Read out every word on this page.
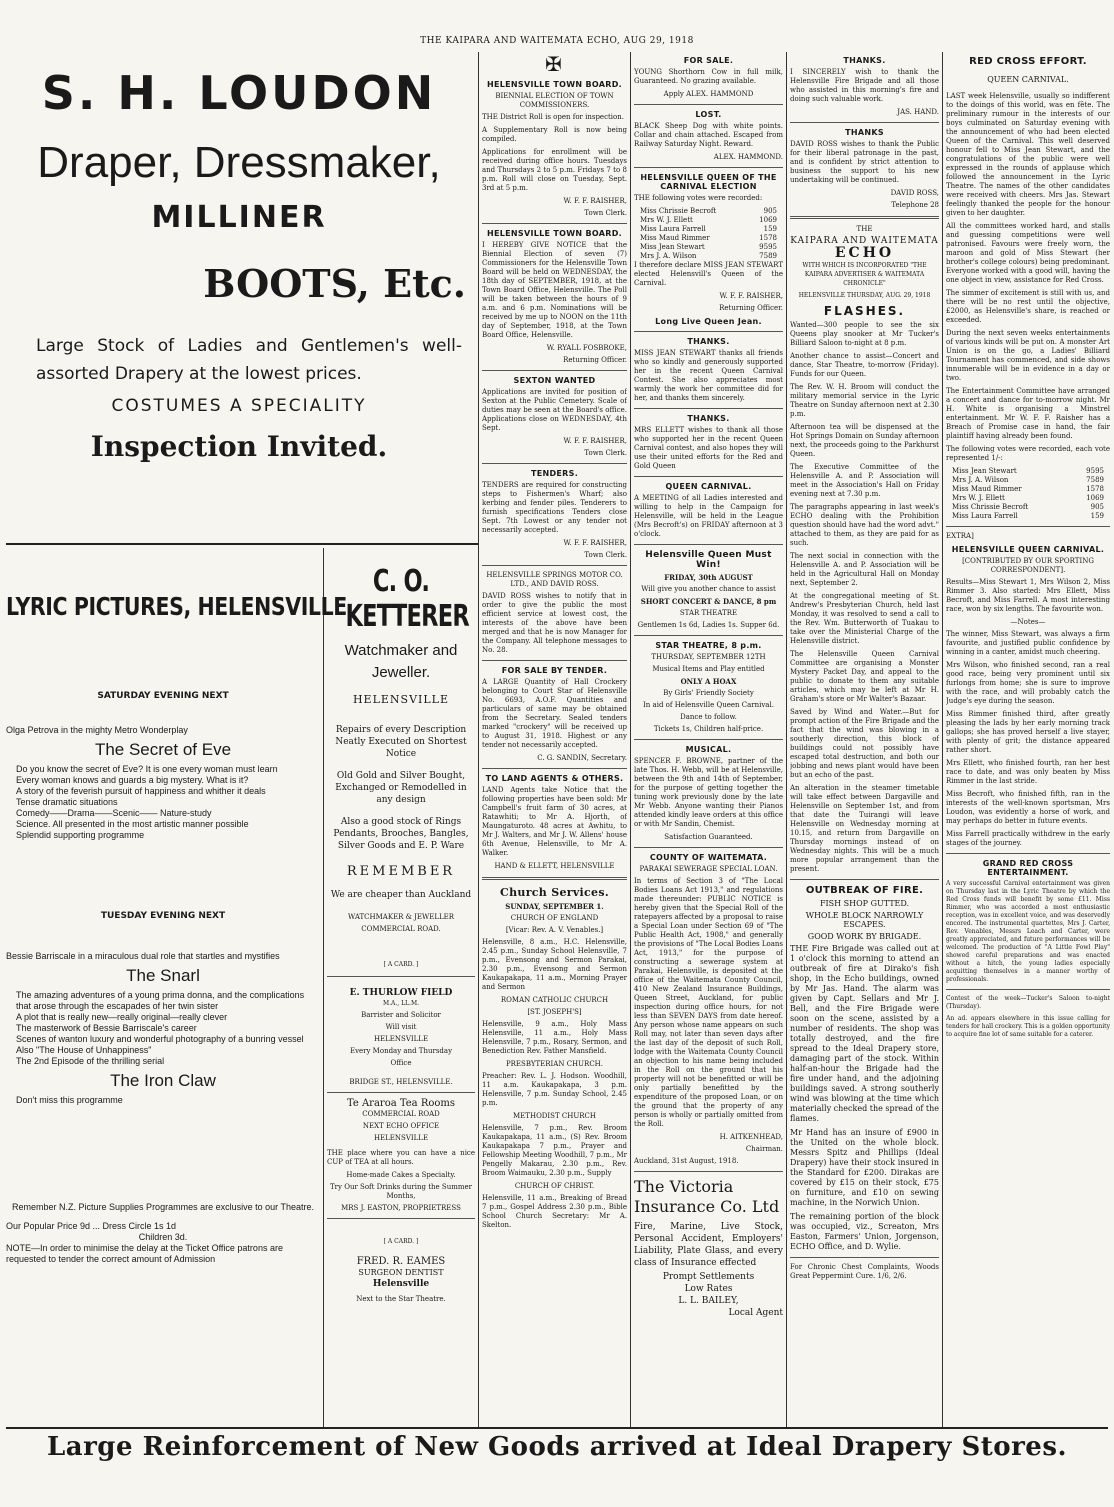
THE KAIPARA AND WAITEMATA ECHO, AUG 29, 1918
S. H. LOUDON
Draper, Dressmaker,
MILLINER
BOOTS, Etc.
Large Stock of Ladies and Gentlemen's well-assorted Drapery at the lowest prices.
COSTUMES A SPECIALITY
Inspection Invited.
LYRIC PICTURES, HELENSVILLE
SATURDAY EVENING NEXT
Olga Petrova in the mighty Metro Wonderplay
The Secret of Eve
Do you know the secret of Eve? It is one every woman must learn
Every woman knows and guards a big mystery. What is it?
A story of the feverish pursuit of happiness and whither it deals
Tense dramatic situations
Comedy——Drama——Scenic—— Nature-study
Science. All presented in the most artistic manner possible
Splendid supporting programme
TUESDAY EVENING NEXT
Bessie Barriscale in a miraculous dual role that startles and mystifies
The Snarl
The amazing adventures of a young prima donna, and the complications that arose through the escapades of her twin sister
A plot that is really new—really original—really clever
The masterwork of Bessie Barriscale's career
Scenes of wanton luxury and wonderful photography of a bunring vessel
Also "The House of Unhappiness"
The 2nd Episode of the thrilling serial
The Iron Claw
Don't miss this programme
Remember N.Z. Picture Supplies Programmes are exclusive to our Theatre.
Our Popular Price 9d ... Dress Circle 1s 1d
Children 3d.
NOTE—In order to minimise the delay at the Ticket Office patrons are requested to tender the correct amount of Admission
C. O. KETTERER
Watchmaker and Jeweller.
HELENSVILLE
Repairs of every Description Neatly Executed on Shortest Notice
Old Gold and Silver Bought, Exchanged or Remodelled in any design
Also a good stock of Rings Pendants, Brooches, Bangles, Silver Goods and E. P. Ware
REMEMBER
We are cheaper than Auckland
WATCHMAKER & JEWELLER COMMERCIAL ROAD.
[ A CARD. ]
E. THURLOW FIELD
M.A., LL.M.
Barrister and Solicitor
Will visit
HELENSVILLE
Every Monday and Thursday
Office
BRIDGE ST., HELENSVILLE.
Te Araroa Tea Rooms
COMMERCIAL ROAD
NEXT ECHO OFFICE
HELENSVILLE
THE place where you can have a nice CUP of TEA at all hours.
Home-made Cakes a Specialty.
Try Our Soft Drinks during the Summer Months,
MRS J. EASTON, PROPRIETRESS
[ A CARD. ]
FRED. R. EAMES
SURGEON DENTIST
Helensville
Next to the Star Theatre.
✠
HELENSVILLE TOWN BOARD.
BIENNIAL ELECTION OF TOWN COMMISSIONERS.
THE District Roll is open for inspection.
A Supplementary Roll is now being compiled.
Applications for enrollment will be received during office hours. Tuesdays and Thursdays 2 to 5 p.m. Fridays 7 to 8 p.m. Roll will close on Tuesday, Sept. 3rd at 5 p.m.
W. F. F. RAISHER,
Town Clerk.
HELENSVILLE TOWN BOARD.
I HEREBY GIVE NOTICE that the Biennial Election of seven (7) Commissioners for the Helensville Town Board will be held on WEDNESDAY, the 18th day of SEPTEMBER, 1918, at the Town Board Office, Helensville. The Poll will be taken between the hours of 9 a.m. and 6 p.m. Nominations will be received by me up to NOON on the 11th day of September, 1918, at the Town Board Office, Helensville.
W. RYALL FOSBROKE,
Returning Officer.
SEXTON WANTED
Applications are invited for position of Sexton at the Public Cemetery. Scale of duties may be seen at the Board's office. Applications close on WEDNESDAY, 4th Sept.
W. F. F. RAISHER,
Town Clerk.
TENDERS.
TENDERS are required for constructing steps to Fishermen's Wharf; also kerbing and fender piles. Tenderers to furnish specifications Tenders close Sept. 7th Lowest or any tender not necessarily accepted.
W. F. F. RAISHER,
Town Clerk.
HELENSVILLE SPRINGS MOTOR CO. LTD., AND DAVID ROSS.
DAVID ROSS wishes to notify that in order to give the public the most efficient service at lowest cost, the interests of the above have been merged and that he is now Manager for the Company. All telephone messages to No. 28.
FOR SALE BY TENDER.
A LARGE Quantity of Hall Crockery belonging to Court Star of Helensville No. 6693, A.O.F. Quantities and particulars of same may be obtained from the Secretary. Sealed tenders marked "crockery" will be received up to August 31, 1918. Highest or any tender not necessarily accepted.
C. G. SANDIN, Secretary.
TO LAND AGENTS & OTHERS.
LAND Agents take Notice that the following properties have been sold: Mr Campbell's fruit farm of 30 acres, at Ratawhiti; to Mr A. Hjorth, of Maungaturoto. 48 acres at Awhitu, to Mr J. Walters, and Mr J. W. Allens' house 6th Avenue, Helensville, to Mr A. Walker.
HAND & ELLETT, HELENSVILLE
Church Services.
SUNDAY, SEPTEMBER 1.
CHURCH OF ENGLAND
[Vicar: Rev. A. V. Venables.]
Helensville, 8 a.m., H.C. Helensville, 2.45 p.m., Sunday School Helensville, 7 p.m., Evensong and Sermon Parakai, 2.30 p.m., Evensong and Sermon Kaukapakapa, 11 a.m., Morning Prayer and Sermon
ROMAN CATHOLIC CHURCH
[ST. JOSEPH'S]
Helensville, 9 a.m., Holy Mass Helensville, 11 a.m., Holy Mass Helensville, 7 p.m., Rosary, Sermon, and Benediction Rev. Father Mansfield.
PRESBYTERIAN CHURCH.
Preacher: Rev. L. J. Hodson. Woodhill, 11 a.m. Kaukapakapa, 3 p.m. Helensville, 7 p.m. Sunday School, 2.45 p.m.
METHODIST CHURCH
Helensville, 7 p.m., Rev. Broom Kaukapakapa, 11 a.m., (S) Rev. Broom Kaukapakapa 7 p.m., Prayer and Fellowship Meeting Woodhill, 7 p.m., Mr Pengelly Makarau, 2.30 p.m., Rev. Broom Waimauku, 2.30 p.m., Supply
CHURCH OF CHRIST.
Helensville, 11 a.m., Breaking of Bread 7 p.m., Gospel Address 2.30 p.m., Bible School Church Secretary: Mr A. Skelton.
FOR SALE.
YOUNG Shorthorn Cow in full milk, Guaranteed. No grazing available.
Apply ALEX. HAMMOND
LOST.
BLACK Sheep Dog with white points. Collar and chain attached. Escaped from Railway Saturday Night. Reward.
ALEX. HAMMOND.
HELENSVILLE QUEEN OF THE CARNIVAL ELECTION
THE following votes were recorded:
Miss Chrissie Becroft	905
Mrs W. J. Ellett	1069
Miss Laura Farrell	159
Miss Maud Rimmer	1578
Miss Jean Stewart	9595
Mrs J. A. Wilson	7589
I therefore declare MISS JEAN STEWART elected Helensvill's Queen of the Carnival.
W. F. F. RAISHER,
Returning Officer.
Long Live Queen Jean.
THANKS.
MISS JEAN STEWART thanks all friends who so kindly and generously supported her in the recent Queen Carnival Contest. She also appreciates most warmly the work her committee did for her, and thanks them sincerely.
THANKS.
MRS ELLETT wishes to thank all those who supported her in the recent Queen Carnival contest, and also hopes they will use their united efforts for the Red and Gold Queen
QUEEN CARNIVAL.
A MEETING of all Ladies interested and willing to help in the Campaign for Helensville, will be held in the League (Mrs Becroft's) on FRIDAY afternoon at 3 o'clock.
Helensville Queen Must Win!
FRIDAY, 30th AUGUST
Will give you another chance to assist
SHORT CONCERT & DANCE, 8 pm
STAR THEATRE
Gentlemen 1s 6d, Ladies 1s. Supper 6d.
STAR THEATRE, 8 p.m.
THURSDAY, SEPTEMBER 12TH
Musical Items and Play entitled
ONLY A HOAX
By Girls' Friendly Society
In aid of Helensville Queen Carnival.
Dance to follow.
Tickets 1s, Children half-price.
MUSICAL.
SPENCER F. BROWNE, partner of the late Thos. H. Webb, will be at Helensville, between the 9th and 14th of September, for the purpose of getting together the tuning work previously done by the late Mr Webb. Anyone wanting their Pianos attended kindly leave orders at this office or with Mr Sandin, Chemist.
Satisfaction Guaranteed.
COUNTY OF WAITEMATA.
PARAKAI SEWERAGE SPECIAL LOAN.
In terms of Section 3 of "The Local Bodies Loans Act 1913," and regulations made thereunder: PUBLIC NOTICE is hereby given that the Special Roll of the ratepayers affected by a proposal to raise a Special Loan under Section 69 of "The Public Health Act, 1908," and generally the provisions of "The Local Bodies Loans Act, 1913," for the purpose of constructing a sewerage system at Parakai, Helensville, is deposited at the office of the Waitemata County Council, 410 New Zealand Insurance Buildings, Queen Street, Auckland, for public inspection during office hours, for not less than SEVEN DAYS from date hereof. Any person whose name appears on such Roll may, not later than seven days after the last day of the deposit of such Roll, lodge with the Waitemata County Council an objection to his name being included in the Roll on the ground that his property will not be benefitted or will be only partially benefitted by the expenditure of the proposed Loan, or on the ground that the property of any person is wholly or partially omitted from the Roll.
H. AITKENHEAD,
Chairman.
Auckland, 31st August, 1918.
The Victoria Insurance Co. Ltd
Fire, Marine, Live Stock, Personal Accident, Employers' Liability, Plate Glass, and every class of Insurance effected
Prompt Settlements
Low Rates
L. L. BAILEY,
Local Agent
THANKS.
I SINCERELY wish to thank the Helensville Fire Brigade and all those who assisted in this morning's fire and doing such valuable work.
JAS. HAND.
THANKS
DAVID ROSS wishes to thank the Public for their liberal patronage in the past, and is confident by strict attention to business the support to his new undertaking will be continued.
DAVID ROSS,
Telephone 28
THE
KAIPARA AND WAITEMATA
ECHO
WITH WHICH IS INCORPORATED "THE KAIPARA ADVERTISER & WAITEMATA CHRONICLE"
HELENSVILLE THURSDAY, AUG. 29, 1918
FLASHES.
Wanted—300 people to see the six Queens play snooker at Mr Tucker's Billiard Saloon to-night at 8 p.m.
Another chance to assist—Concert and dance, Star Theatre, to-morrow (Friday). Funds for our Queen.
The Rev. W. H. Broom will conduct the military memorial service in the Lyric Theatre on Sunday afternoon next at 2.30 p.m.
Afternoon tea will be dispensed at the Hot Springs Domain on Sunday afternoon next, the proceeds going to the Parkhurst Queen.
The Executive Committee of the Helensville A. and P. Association will meet in the Association's Hall on Friday evening next at 7.30 p.m.
The paragraphs appearing in last week's ECHO dealing with the Prohibition question should have had the word advt." attached to them, as they are paid for as such.
The next social in connection with the Helensville A. and P. Association will be held in the Agricultural Hall on Monday next, September 2.
At the congregational meeting of St. Andrew's Presbyterian Church, held last Monday, it was resolved to send a call to the Rev. Wm. Butterworth of Tuakau to take over the Ministerial Charge of the Helensville district.
The Helensville Queen Carnival Committee are organising a Monster Mystery Packet Day, and appeal to the public to donate to them any suitable articles, which may be left at Mr H. Graham's store or Mr Walter's Bazaar.
Saved by Wind and Water.—But for prompt action of the Fire Brigade and the fact that the wind was blowing in a southerly direction, this block of buildings could not possibly have escaped total destruction, and both our jobbing and news plant would have been but an echo of the past.
An alteration in the steamer timetable will take effect between Dargaville and Helensville on September 1st, and from that date the Tuirangi will leave Helensville on Wednesday morning at 10.15, and return from Dargaville on Thursday mornings instead of on Wednesday nights. This will be a much more popular arrangement than the present.
OUTBREAK OF FIRE.
FISH SHOP GUTTED.
WHOLE BLOCK NARROWLY ESCAPES.
GOOD WORK BY BRIGADE.
THE Fire Brigade was called out at 1 o'clock this morning to attend an outbreak of fire at Dirako's fish shop, in the Echo buildings, owned by Mr Jas. Hand. The alarm was given by Capt. Sellars and Mr J. Bell, and the Fire Brigade were soon on the scene, assisted by a number of residents. The shop was totally destroyed, and the fire spread to the Ideal Drapery store, damaging part of the stock. Within half-an-hour the Brigade had the fire under hand, and the adjoining buildings saved. A strong southerly wind was blowing at the time which materially checked the spread of the flames.
Mr Hand has an insure of £900 in the United on the whole block. Messrs Spitz and Phillips (Ideal Drapery) have their stock insured in the Standard for £200. Dirakas are covered by £15 on their stock, £75 on furniture, and £10 on sewing machine, in the Norwich Union.
The remaining portion of the block was occupied, viz., Screaton, Mrs Easton, Farmers' Union, Jorgenson, ECHO Office, and D. Wylie.
For Chronic Chest Complaints, Woods Great Peppermint Cure. 1/6, 2/6.
RED CROSS EFFORT.
QUEEN CARNIVAL.
LAST week Helensville, usually so indifferent to the doings of this world, was en fête. The preliminary rumour in the interests of our boys culminated on Saturday evening with the announcement of who had been elected Queen of the Carnival. This well deserved honour fell to Miss Jean Stewart, and the congratulations of the public were well expressed in the rounds of applause which followed the announcement in the Lyric Theatre. The names of the other candidates were received with cheers. Mrs Jas. Stewart feelingly thanked the people for the honour given to her daughter.
All the committees worked hard, and stalls and guessing competitions were well patronised. Favours were freely worn, the maroon and gold of Miss Stewart (her brother's college colours) being predominant. Everyone worked with a good will, having the one object in view, assistance for Red Cross.
The simmer of excitement is still with us, and there will be no rest until the objective, £2000, as Helensville's share, is reached or exceeded.
During the next seven weeks entertainments of various kinds will be put on. A monster Art Union is on the go, a Ladies' Billiard Tournament has commenced, and side shows innumerable will be in evidence in a day or two.
The Entertainment Committee have arranged a concert and dance for to-morrow night. Mr H. White is organising a Minstrel entertainment. Mr W. F. F. Raisher has a Breach of Promise case in hand, the fair plaintiff having already been found.
The following votes were recorded, each vote represented 1/-:
Miss Jean Stewart	9595
Mrs J. A. Wilson	7589
Miss Maud Rimmer	1578
Mrs W. J. Ellett	1069
Miss Chrissie Becroft	905
Miss Laura Farrell	159
EXTRA]
HELENSVILLE QUEEN CARNIVAL.
[CONTRIBUTED BY OUR SPORTING CORRESPONDENT].
Results—Miss Stewart 1, Mrs Wilson 2, Miss Rimmer 3. Also started: Mrs Ellett, Miss Becroft, and Miss Farrell. A most interesting race, won by six lengths. The favourite won.
—Notes—
The winner, Miss Stewart, was always a firm favourite, and justified public confidence by winning in a canter, amidst much cheering.
Mrs Wilson, who finished second, ran a real good race, being very prominent until six furlongs from home; she is sure to improve with the race, and will probably catch the Judge's eye during the season.
Miss Rimmer finished third, after greatly pleasing the lads by her early morning track gallops; she has proved herself a live stayer, with plenty of grit; the distance appeared rather short.
Mrs Ellett, who finished fourth, ran her best race to date, and was only beaten by Miss Rimmer in the last stride.
Miss Becroft, who finished fifth, ran in the interests of the well-known sportsman, Mrs Loudon, was evidently a horse of work, and may perhaps do better in future events.
Miss Farrell practically withdrew in the early stages of the journey.
GRAND RED CROSS ENTERTAINMENT.
A very successful Carnival entertainment was given on Thursday last in the Lyric Theatre by which the Red Cross funds will benefit by some £11. Miss Rimmer, who was accorded a most enthusiastic reception, was in excellent voice, and was deservedly encored. The instrumental quartettes, Mrs J. Carter, Rev. Venables, Messrs Leach and Carter, were greatly appreciated, and future performances will be welcomed. The production of "A Little Fowl Play" showed careful preparations and was enacted without a hitch, the young ladies especially acquitting themselves in a manner worthy of professionals.
Contest of the week—Tucker's Saloon to-night (Thursday).
An ad. appears elsewhere in this issue calling for tenders for hall crockery. This is a golden opportunity to acquire fine lot of same suitable for a caterer.
Large Reinforcement of New Goods arrived at Ideal Drapery Stores.
